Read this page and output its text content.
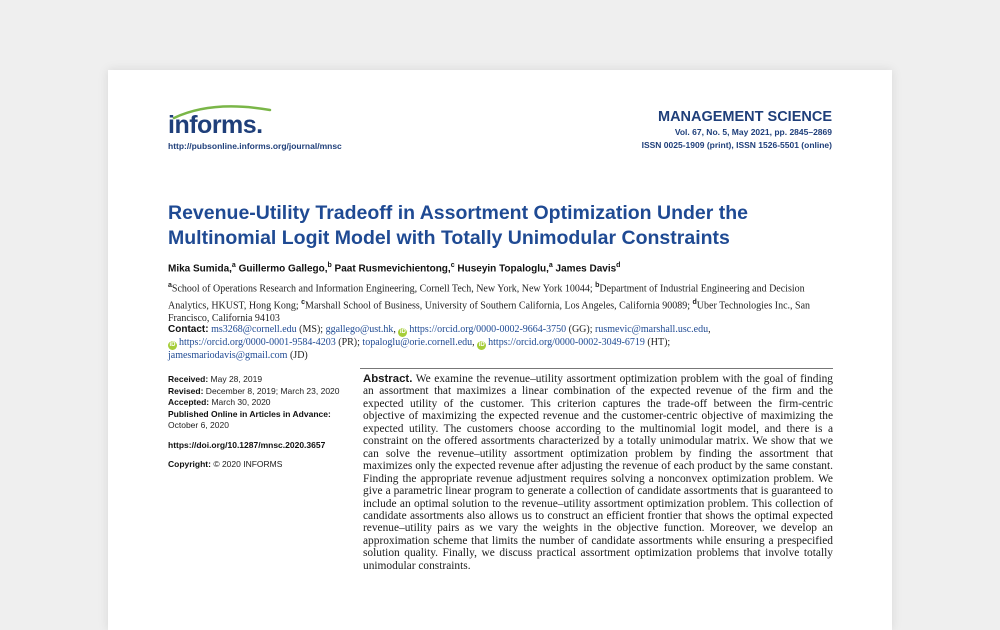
informs.
http://pubsonline.informs.org/journal/mnsc
MANAGEMENT SCIENCE
Vol. 67, No. 5, May 2021, pp. 2845–2869
ISSN 0025-1909 (print), ISSN 1526-5501 (online)
Revenue-Utility Tradeoff in Assortment Optimization Under the
Multinomial Logit Model with Totally Unimodular Constraints
Mika Sumida,$^a$ Guillermo Gallego,$^b$ Paat Rusmevichientong,$^c$ Huseyin Topaloglu,$^a$ James Davis$^d$
$^a$School of Operations Research and Information Engineering, Cornell Tech, New York, New York 10044; $^b$Department of Industrial Engineering and Decision Analytics, HKUST, Hong Kong; $^c$Marshall School of Business, University of Southern California, Los Angeles, California 90089; $^d$Uber Technologies Inc., San Francisco, California 94103
Contact: ms3268@cornell.edu (MS); ggallego@ust.hk, iD https://orcid.org/0000-0002-9664-3750 (GG); rusmevic@marshall.usc.edu,
iD https://orcid.org/0000-0001-9584-4203 (PR); topaloglu@orie.cornell.edu, iD https://orcid.org/0000-0002-3049-6719 (HT);
jamesmariodavis@gmail.com (JD)
Received: May 28, 2019
Revised: December 8, 2019; March 23, 2020
Accepted: March 30, 2020
Published Online in Articles in Advance:
October 6, 2020
https://doi.org/10.1287/mnsc.2020.3657
Copyright: © 2020 INFORMS

Abstract. We examine the revenue–utility assortment optimization problem with the goal of finding an assortment that maximizes a linear combination of the expected revenue of the firm and the expected utility of the customer. This criterion captures the trade-off between the firm-centric objective of maximizing the expected revenue and the customer-centric objective of maximizing the expected utility. The customers choose according to the multinomial logit model, and there is a constraint on the offered assortments characterized by a totally unimodular matrix. We show that we can solve the revenue–utility assortment optimization problem by finding the assortment that maximizes only the expected revenue after adjusting the revenue of each product by the same constant. Finding the appropriate revenue adjustment requires solving a nonconvex optimization problem. We give a parametric linear program to generate a collection of candidate assortments that is guaranteed to include an optimal solution to the revenue–utility assortment optimization problem. This collection of candidate assortments also allows us to construct an efficient frontier that shows the optimal expected revenue–utility pairs as we vary the weights in the objective function. Moreover, we develop an approximation scheme that limits the number of candidate assortments while ensuring a prespecified solution quality. Finally, we discuss practical assortment optimization problems that involve totally unimodular constraints.
